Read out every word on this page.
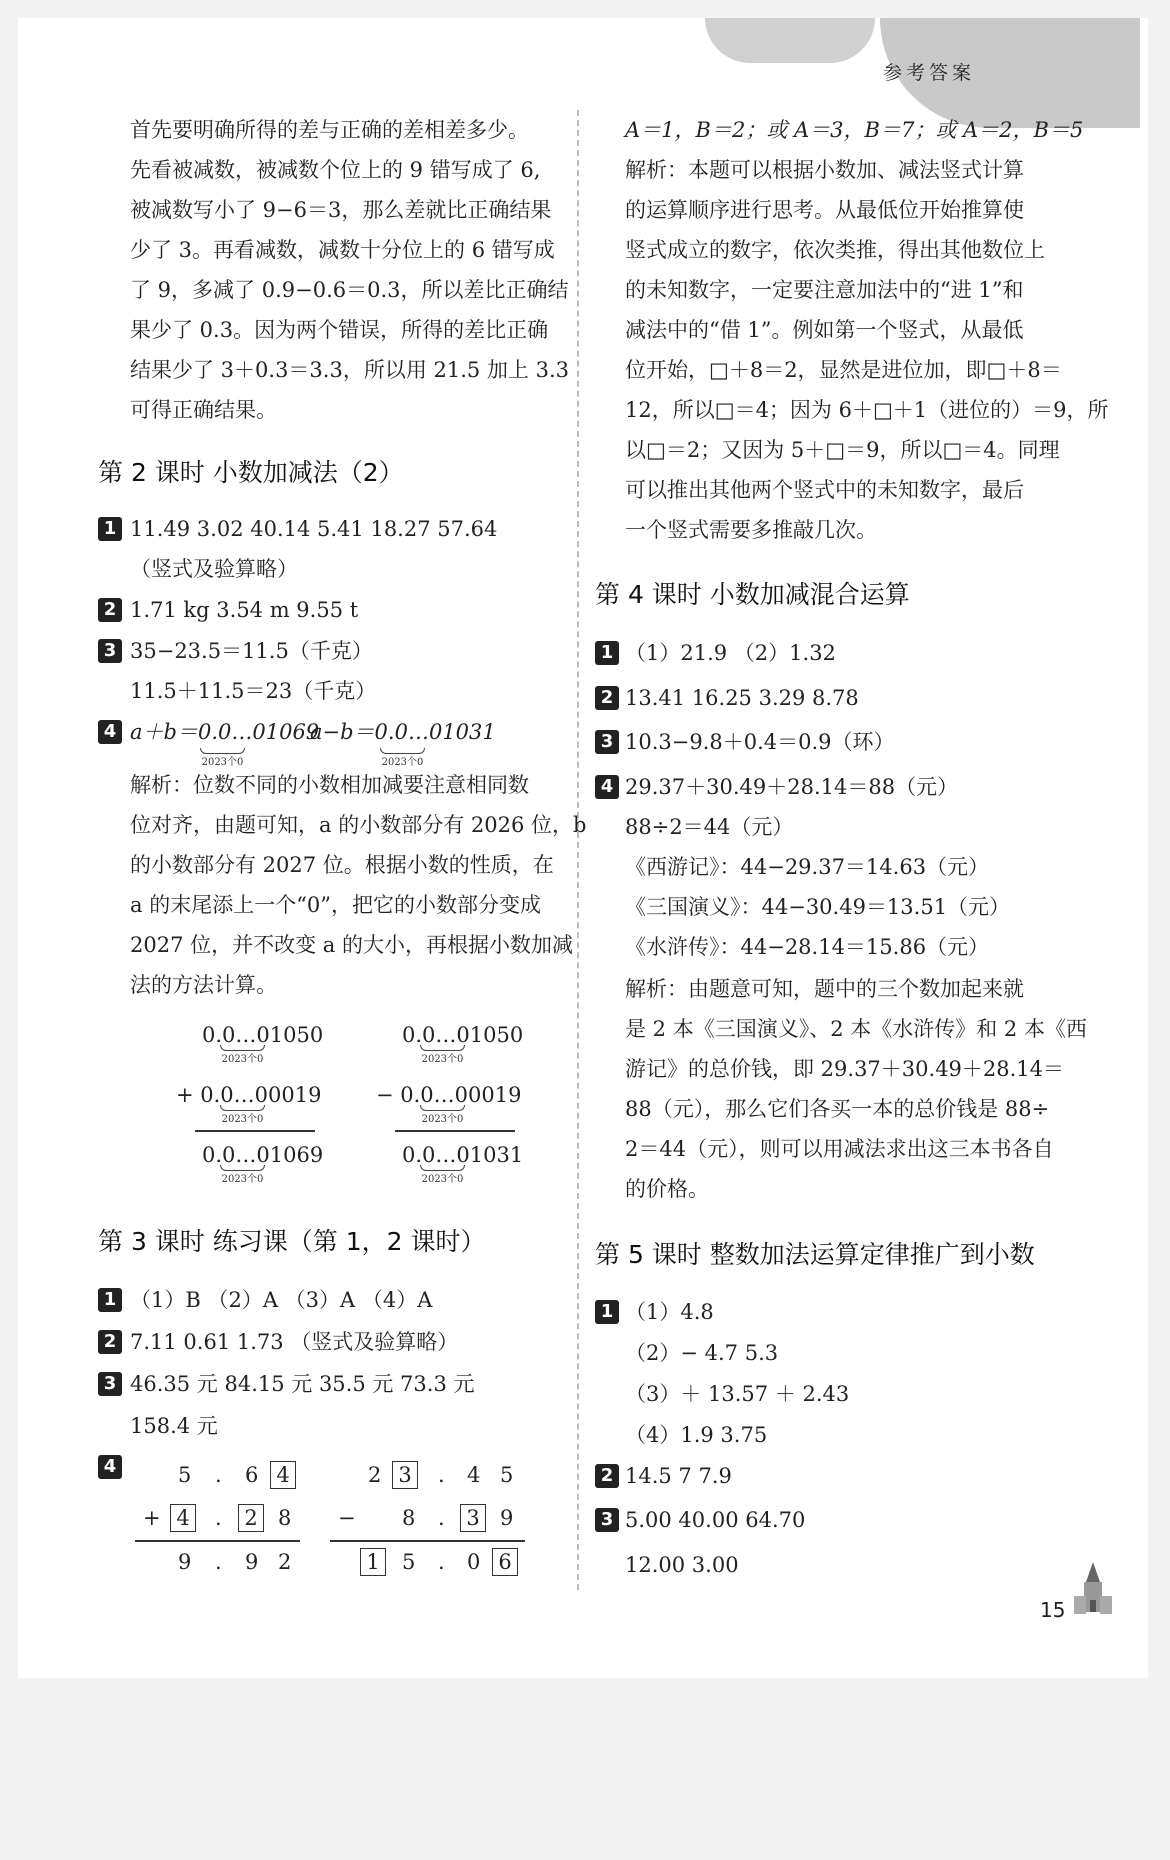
参考答案
首先要明确所得的差与正确的差相差多少。
先看被减数，被减数个位上的 9 错写成了 6,
被减数写小了 9−6＝3，那么差就比正确结果
少了 3。再看减数，减数十分位上的 6 错写成
了 9，多减了 0.9−0.6＝0.3，所以差比正确结
果少了 0.3。因为两个错误，所得的差比正确
结果少了 3＋0.3＝3.3，所以用 21.5 加上 3.3
可得正确结果。
第 2 课时 小数加减法（2）
1 11.49 3.02 40.14 5.41 18.27 57.64
（竖式及验算略）
2 1.71 kg 3.54 m 9.55 t
3 35−23.5＝11.5（千克）
11.5＋11.5＝23（千克）
4 a＋b＝0.0…01069
a−b＝0.0…01031
2023个0	2023个0
解析：位数不同的小数相加减要注意相同数
位对齐，由题可知，a 的小数部分有 2026 位，b
的小数部分有 2027 位。根据小数的性质，在
a 的末尾添上一个“0”，把它的小数部分变成
2027 位，并不改变 a 的大小，再根据小数加减
法的方法计算。
0.0…01050
2023个0
+ 0.0…00019
2023个0
0.0…01069
2023个0
0.0…01050
2023个0
− 0.0…00019
2023个0
0.0…01031
2023个0
第 3 课时 练习课（第 1，2 课时）
1 （1）B （2）A （3）A （4）A
2 7.11 0.61 1.73 （竖式及验算略）
3 46.35 元 84.15 元 35.5 元 73.3 元
158.4 元
4	5 . 6 4
+ 4	.	2 8
9 . 9 2
2 3	. 4 5
− 8 .	3 9
1	5 . 0 6
A＝1，B＝2；或 A＝3，B＝7；或 A＝2，B＝5
解析：本题可以根据小数加、减法竖式计算
的运算顺序进行思考。从最低位开始推算使
竖式成立的数字，依次类推，得出其他数位上
的未知数字，一定要注意加法中的“进 1”和
减法中的“借 1”。例如第一个竖式，从最低
位开始，□＋8＝2，显然是进位加，即□＋8＝
12，所以□＝4；因为 6＋□＋1（进位的）＝9，所
以□＝2；又因为 5＋□＝9，所以□＝4。同理
可以推出其他两个竖式中的未知数字，最后
一个竖式需要多推敲几次。
第 4 课时 小数加减混合运算
1 （1）21.9 （2）1.32
2 13.41 16.25 3.29 8.78
3 10.3−9.8＋0.4＝0.9（环）
4 29.37＋30.49＋28.14＝88（元）
88÷2＝44（元）
《西游记》：44−29.37＝14.63（元）
《三国演义》：44−30.49＝13.51（元）
《水浒传》：44−28.14＝15.86（元）
解析：由题意可知，题中的三个数加起来就
是 2 本《三国演义》、2 本《水浒传》和 2 本《西
游记》的总价钱，即 29.37＋30.49＋28.14＝
88（元），那么它们各买一本的总价钱是 88÷
2＝44（元），则可以用减法求出这三本书各自
的价格。
第 5 课时 整数加法运算定律推广到小数
1 （1）4.8
（2）− 4.7 5.3
（3）＋ 13.57 ＋ 2.43
（4）1.9 3.75
2 14.5 7 7.9
3 5.00 40.00 64.70
12.00 3.00
15
